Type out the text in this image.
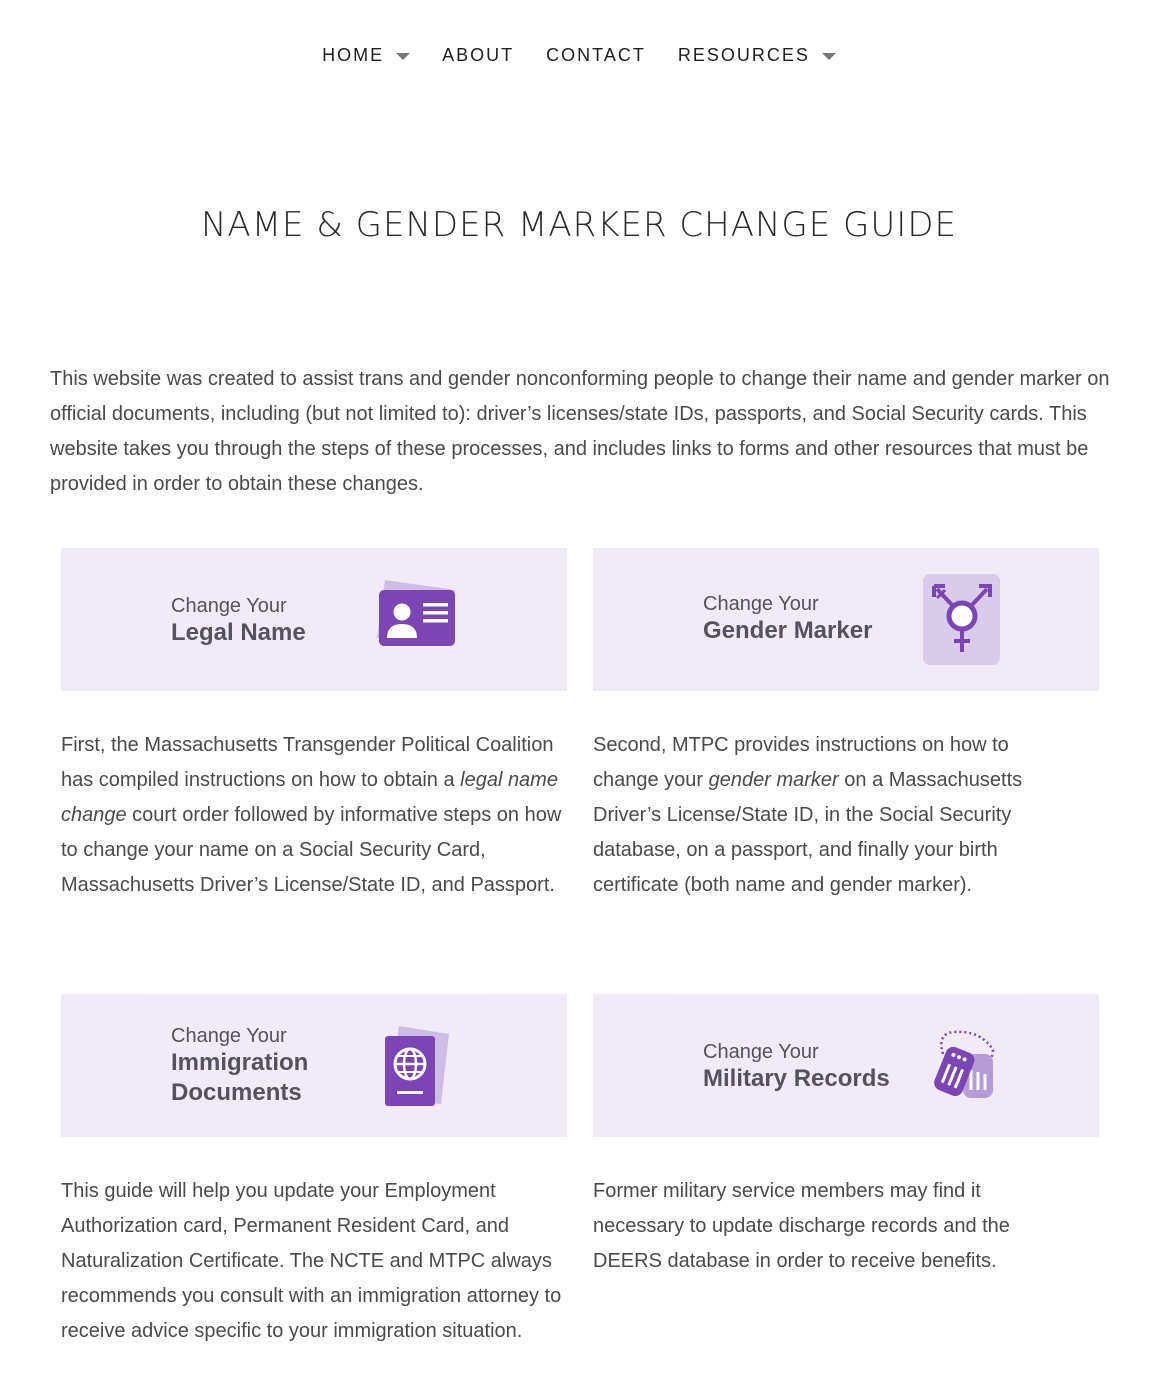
HOME	ABOUT CONTACT RESOURCES
NAME & GENDER MARKER CHANGE GUIDE

This website was created to assist trans and gender nonconforming people to change their name and gender marker on official documents, including (but not limited to): driver’s licenses/state IDs, passports, and Social Security cards. This website takes you through the steps of these processes, and includes links to forms and other resources that must be provided in order to obtain these changes.

Change Your
Legal Name
Change Your
Gender Marker
Change Your
Immigration
Documents
Change Your
Military Records

First, the Massachusetts Transgender Political Coalition has compiled instructions on how to obtain a legal name change court order followed by informative steps on how to change your name on a Social Security Card, Massachusetts Driver’s License/State ID, and Passport.

Second, MTPC provides instructions on how to change your gender marker on a Massachusetts Driver’s License/State ID, in the Social Security database, on a passport, and finally your birth certificate (both name and gender marker).

This guide will help you update your Employment Authorization card, Permanent Resident Card, and Naturalization Certificate. The NCTE and MTPC always recommends you consult with an immigration attorney to receive advice specific to your immigration situation.

Former military service members may find it necessary to update discharge records and the DEERS database in order to receive benefits.
